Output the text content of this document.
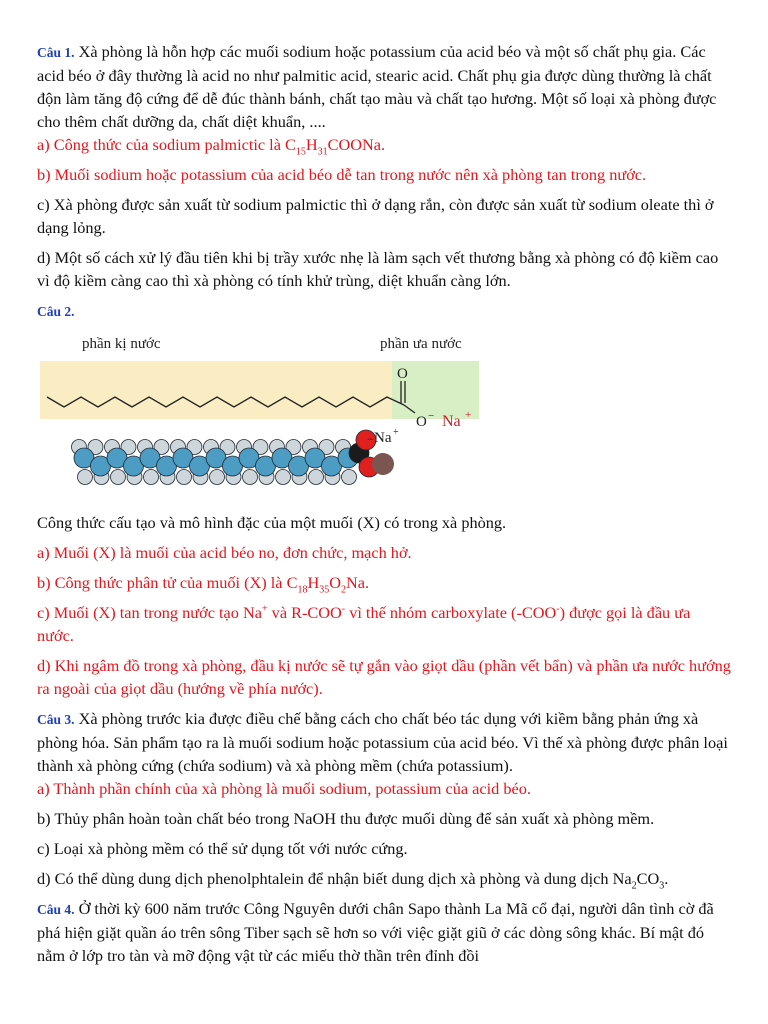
Câu 1. Xà phòng là hỗn hợp các muối sodium hoặc potassium của acid béo và một số chất phụ gia. Các acid béo ở đây thường là acid no như palmitic acid, stearic acid. Chất phụ gia được dùng thường là chất độn làm tăng độ cứng để dễ đúc thành bánh, chất tạo màu và chất tạo hương. Một số loại xà phòng được cho thêm chất dưỡng da, chất diệt khuẩn, ....

a) Công thức của sodium palmictic là $C_{15}H_{31}COONa$.

b) Muối sodium hoặc potassium của acid béo dễ tan trong nước nên xà phòng tan trong nước.

c) Xà phòng được sản xuất từ sodium palmictic thì ở dạng rắn, còn được sản xuất từ sodium oleate thì ở dạng lỏng.

d) Một số cách xử lý đầu tiên khi bị trầy xước nhẹ là làm sạch vết thương bằng xà phòng có độ kiềm cao vì độ kiềm càng cao thì xà phòng có tính khử trùng, diệt khuẩn càng lớn.

Câu 2.

phần kị nước	phần ưa nước
O
O − Na +
− Na +

Công thức cấu tạo và mô hình đặc của một muối (X) có trong xà phòng.

a) Muối (X) là muối của acid béo no, đơn chức, mạch hở.

b) Công thức phân tử của muối (X) là $C_{18}H_{35}O_2Na$.

c) Muối (X) tan trong nước tạo Na+ và R-COO- vì thế nhóm carboxylate (-COO-) được gọi là đầu ưa nước.

d) Khi ngâm đồ trong xà phòng, đầu kị nước sẽ tự gắn vào giọt dầu (phần vết bẩn) và phần ưa nước hướng ra ngoài của giọt dầu (hướng về phía nước).

Câu 3. Xà phòng trước kia được điều chế bằng cách cho chất béo tác dụng với kiềm bằng phản ứng xà phòng hóa. Sản phẩm tạo ra là muối sodium hoặc potassium của acid béo. Vì thế xà phòng được phân loại thành xà phòng cứng (chứa sodium) và xà phòng mềm (chứa potassium).

a) Thành phần chính của xà phòng là muối sodium, potassium của acid béo.

b) Thủy phân hoàn toàn chất béo trong NaOH thu được muối dùng để sản xuất xà phòng mềm.

c) Loại xà phòng mềm có thể sử dụng tốt với nước cứng.

d) Có thể dùng dung dịch phenolphtalein để nhận biết dung dịch xà phòng và dung dịch $Na_2CO_3$.

Câu 4. Ở thời kỳ 600 năm trước Công Nguyên dưới chân Sapo thành La Mã cổ đại, người dân tình cờ đã phá hiện giặt quần áo trên sông Tiber sạch sẽ hơn so với việc giặt giũ ở các dòng sông khác. Bí mật đó nằm ở lớp tro tàn và mỡ động vật từ các miếu thờ thần trên đỉnh đồi
